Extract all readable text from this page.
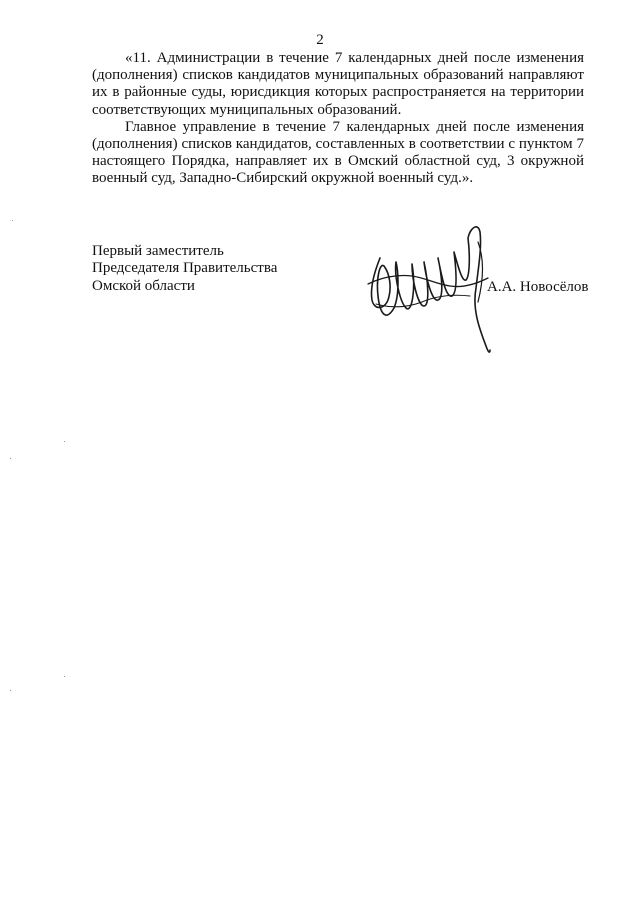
2

«11. Администрации в течение 7 календарных дней после изменения (дополнения) списков кандидатов муниципальных образований направляют их в районные суды, юрисдикция которых распространяется на территории соответствующих муниципальных образований.

Главное управление в течение 7 календарных дней после изменения (дополнения) списков кандидатов, составленных в соответствии с пунктом 7 настоящего Порядка, направляет их в Омский областной суд, 3 окружной военный суд, Западно-Сибирский окружной военный суд.».

Первый заместитель
Председателя Правительства
Омской области	А.А. Новосёлов
